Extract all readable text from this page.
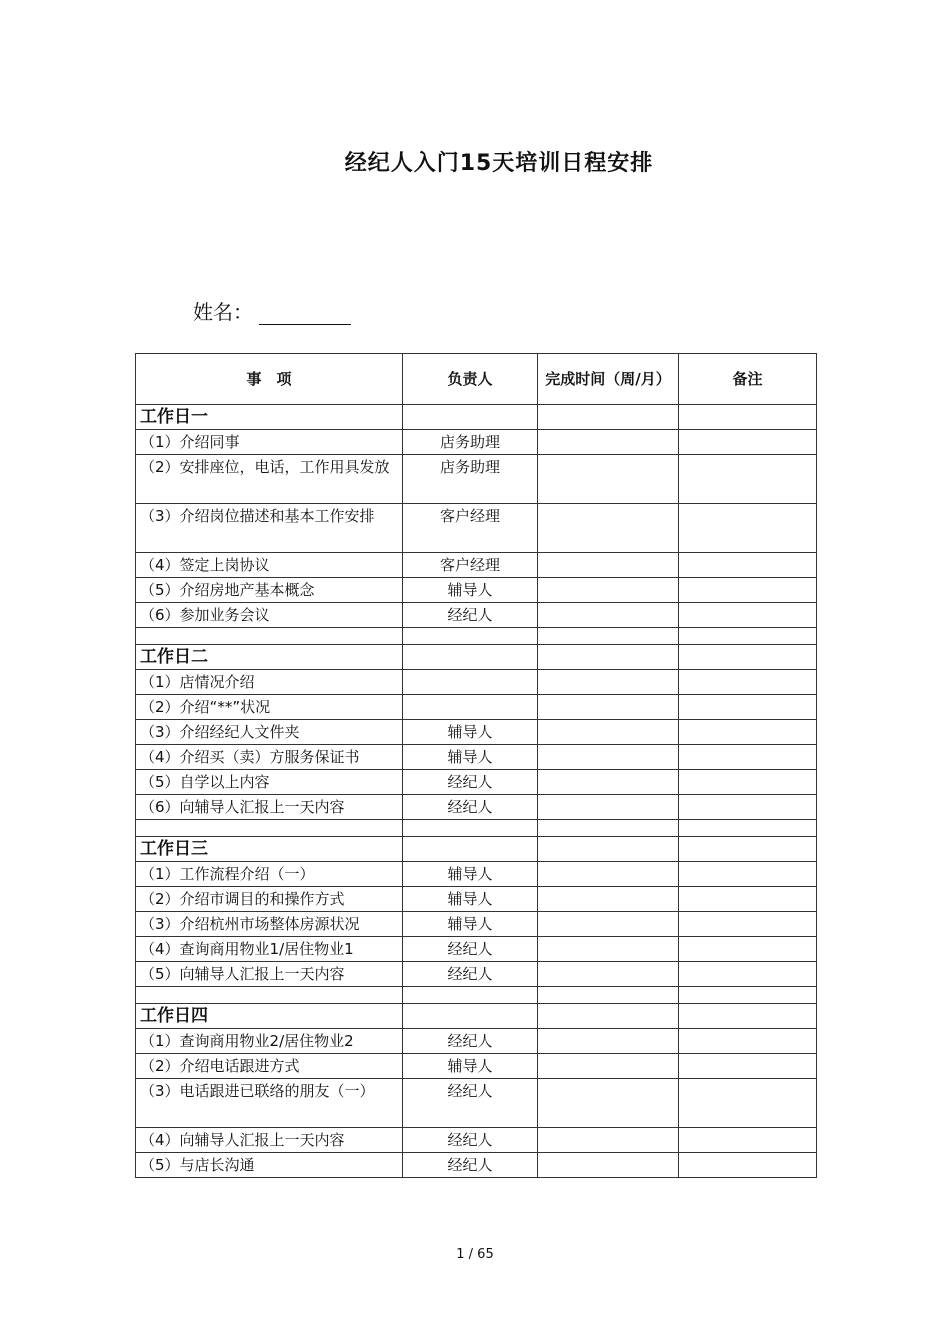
经纪人入门15天培训日程安排
姓名：
事　项	负责人	完成时间（周/月）	备注
工作日一			
（1）介绍同事	店务助理		
（2）安排座位，电话，工作用具发放	店务助理		
（3）介绍岗位描述和基本工作安排	客户经理		
（4）签定上岗协议	客户经理		
（5）介绍房地产基本概念	辅导人		
（6）参加业务会议	经纪人		

工作日二			
（1）店情况介绍			
（2）介绍“**”状况			
（3）介绍经纪人文件夹	辅导人		
（4）介绍买（卖）方服务保证书	辅导人		
（5）自学以上内容	经纪人		
（6）向辅导人汇报上一天内容	经纪人		

工作日三			
（1）工作流程介绍（一）	辅导人		
（2）介绍市调目的和操作方式	辅导人		
（3）介绍杭州市场整体房源状况	辅导人		
（4）查询商用物业1/居住物业1	经纪人		
（5）向辅导人汇报上一天内容	经纪人		

工作日四			
（1）查询商用物业2/居住物业2	经纪人		
（2）介绍电话跟进方式	辅导人		
（3）电话跟进已联络的朋友（一）	经纪人		
（4）向辅导人汇报上一天内容	经纪人		
（5）与店长沟通	经纪人		
1 / 65
